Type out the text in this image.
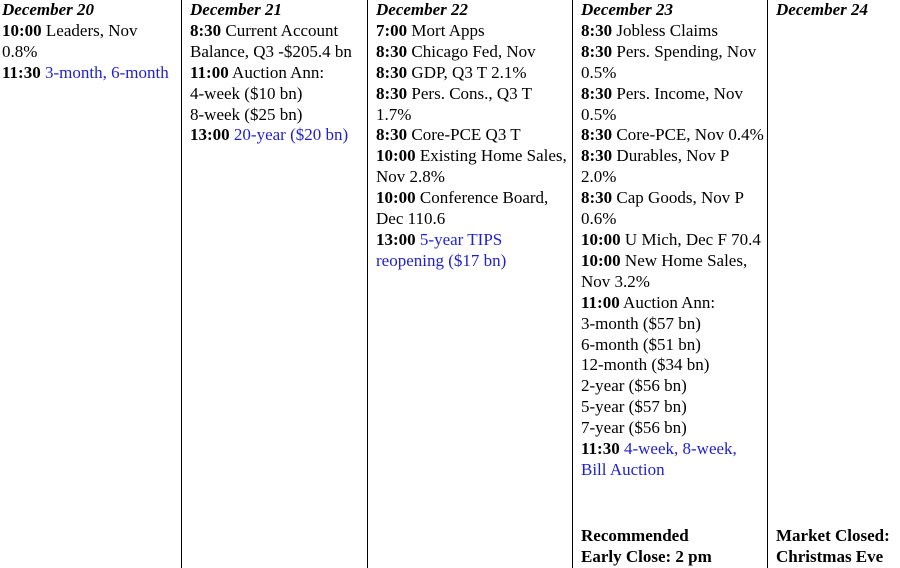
December 20
10:00 Leaders, Nov 0.8%
11:30 3-month, 6-month
December 21
8:30 Current Account Balance, Q3 -$205.4 bn
11:00 Auction Ann:
4-week ($10 bn)
8-week ($25 bn)
13:00 20-year ($20 bn)
December 22
7:00 Mort Apps
8:30 Chicago Fed, Nov
8:30 GDP, Q3 T 2.1%
8:30 Pers. Cons., Q3 T 1.7%
8:30 Core-PCE Q3 T
10:00 Existing Home Sales, Nov 2.8%
10:00 Conference Board, Dec 110.6
13:00 5-year TIPS reopening ($17 bn)
December 23
8:30 Jobless Claims
8:30 Pers. Spending, Nov 0.5%
8:30 Pers. Income, Nov 0.5%
8:30 Core-PCE, Nov 0.4%
8:30 Durables, Nov P 2.0%
8:30 Cap Goods, Nov P 0.6%
10:00 U Mich, Dec F 70.4
10:00 New Home Sales, Nov 3.2%
11:00 Auction Ann:
3-month ($57 bn)
6-month ($51 bn)
12-month ($34 bn)
2-year ($56 bn)
5-year ($57 bn)
7-year ($56 bn)
11:30 4-week, 8-week, Bill Auction
Recommended
Early Close: 2 pm
December 24
Market Closed:
Christmas Eve
